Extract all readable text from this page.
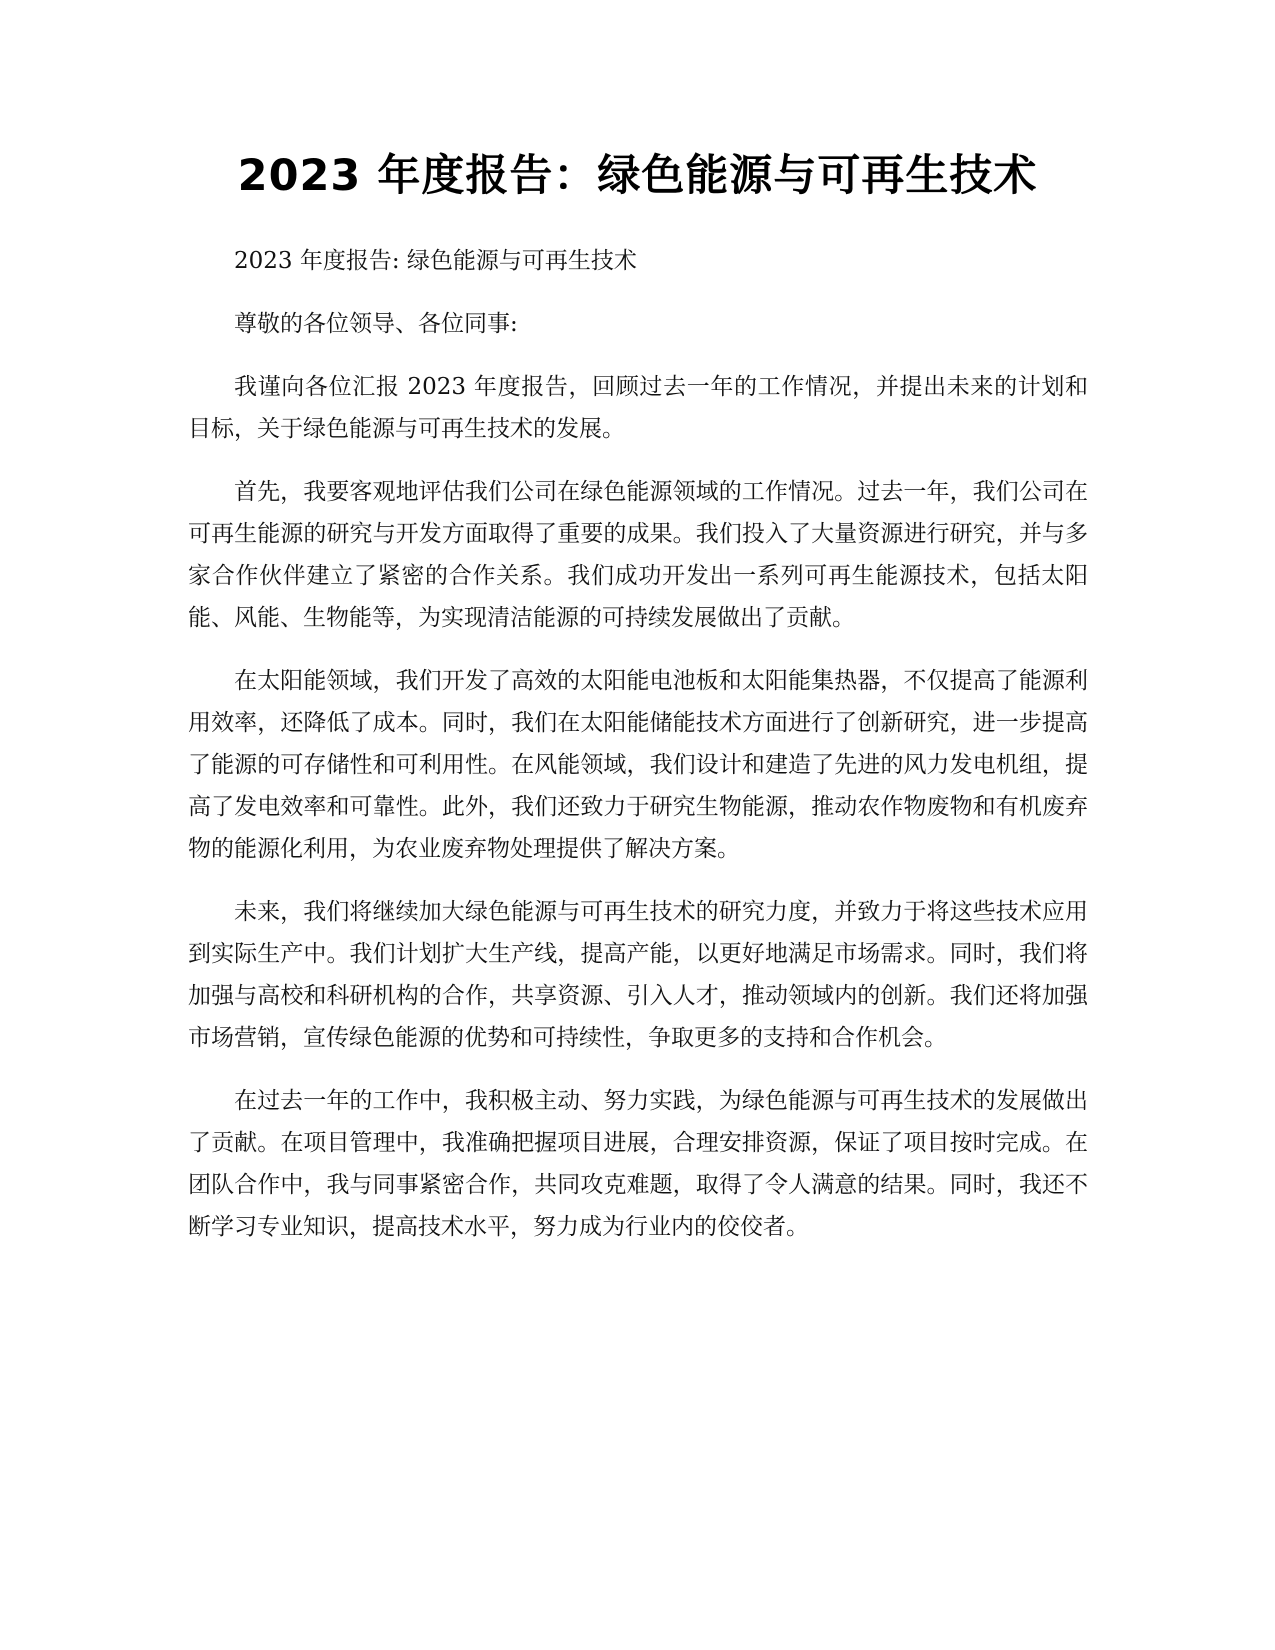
2023 年度报告：绿色能源与可再生技术

2023 年度报告: 绿色能源与可再生技术

尊敬的各位领导、各位同事:

我谨向各位汇报 2023 年度报告，回顾过去一年的工作情况，并提出未来的计划和目标，关于绿色能源与可再生技术的发展。

首先，我要客观地评估我们公司在绿色能源领域的工作情况。过去一年，我们公司在可再生能源的研究与开发方面取得了重要的成果。我们投入了大量资源进行研究，并与多家合作伙伴建立了紧密的合作关系。我们成功开发出一系列可再生能源技术，包括太阳能、风能、生物能等，为实现清洁能源的可持续发展做出了贡献。

在太阳能领域，我们开发了高效的太阳能电池板和太阳能集热器，不仅提高了能源利用效率，还降低了成本。同时，我们在太阳能储能技术方面进行了创新研究，进一步提高了能源的可存储性和可利用性。在风能领域，我们设计和建造了先进的风力发电机组，提高了发电效率和可靠性。此外，我们还致力于研究生物能源，推动农作物废物和有机废弃物的能源化利用，为农业废弃物处理提供了解决方案。

未来，我们将继续加大绿色能源与可再生技术的研究力度，并致力于将这些技术应用到实际生产中。我们计划扩大生产线，提高产能，以更好地满足市场需求。同时，我们将加强与高校和科研机构的合作，共享资源、引入人才，推动领域内的创新。我们还将加强市场营销，宣传绿色能源的优势和可持续性，争取更多的支持和合作机会。

在过去一年的工作中，我积极主动、努力实践，为绿色能源与可再生技术的发展做出了贡献。在项目管理中，我准确把握项目进展，合理安排资源，保证了项目按时完成。在团队合作中，我与同事紧密合作，共同攻克难题，取得了令人满意的结果。同时，我还不断学习专业知识，提高技术水平，努力成为行业内的佼佼者。
